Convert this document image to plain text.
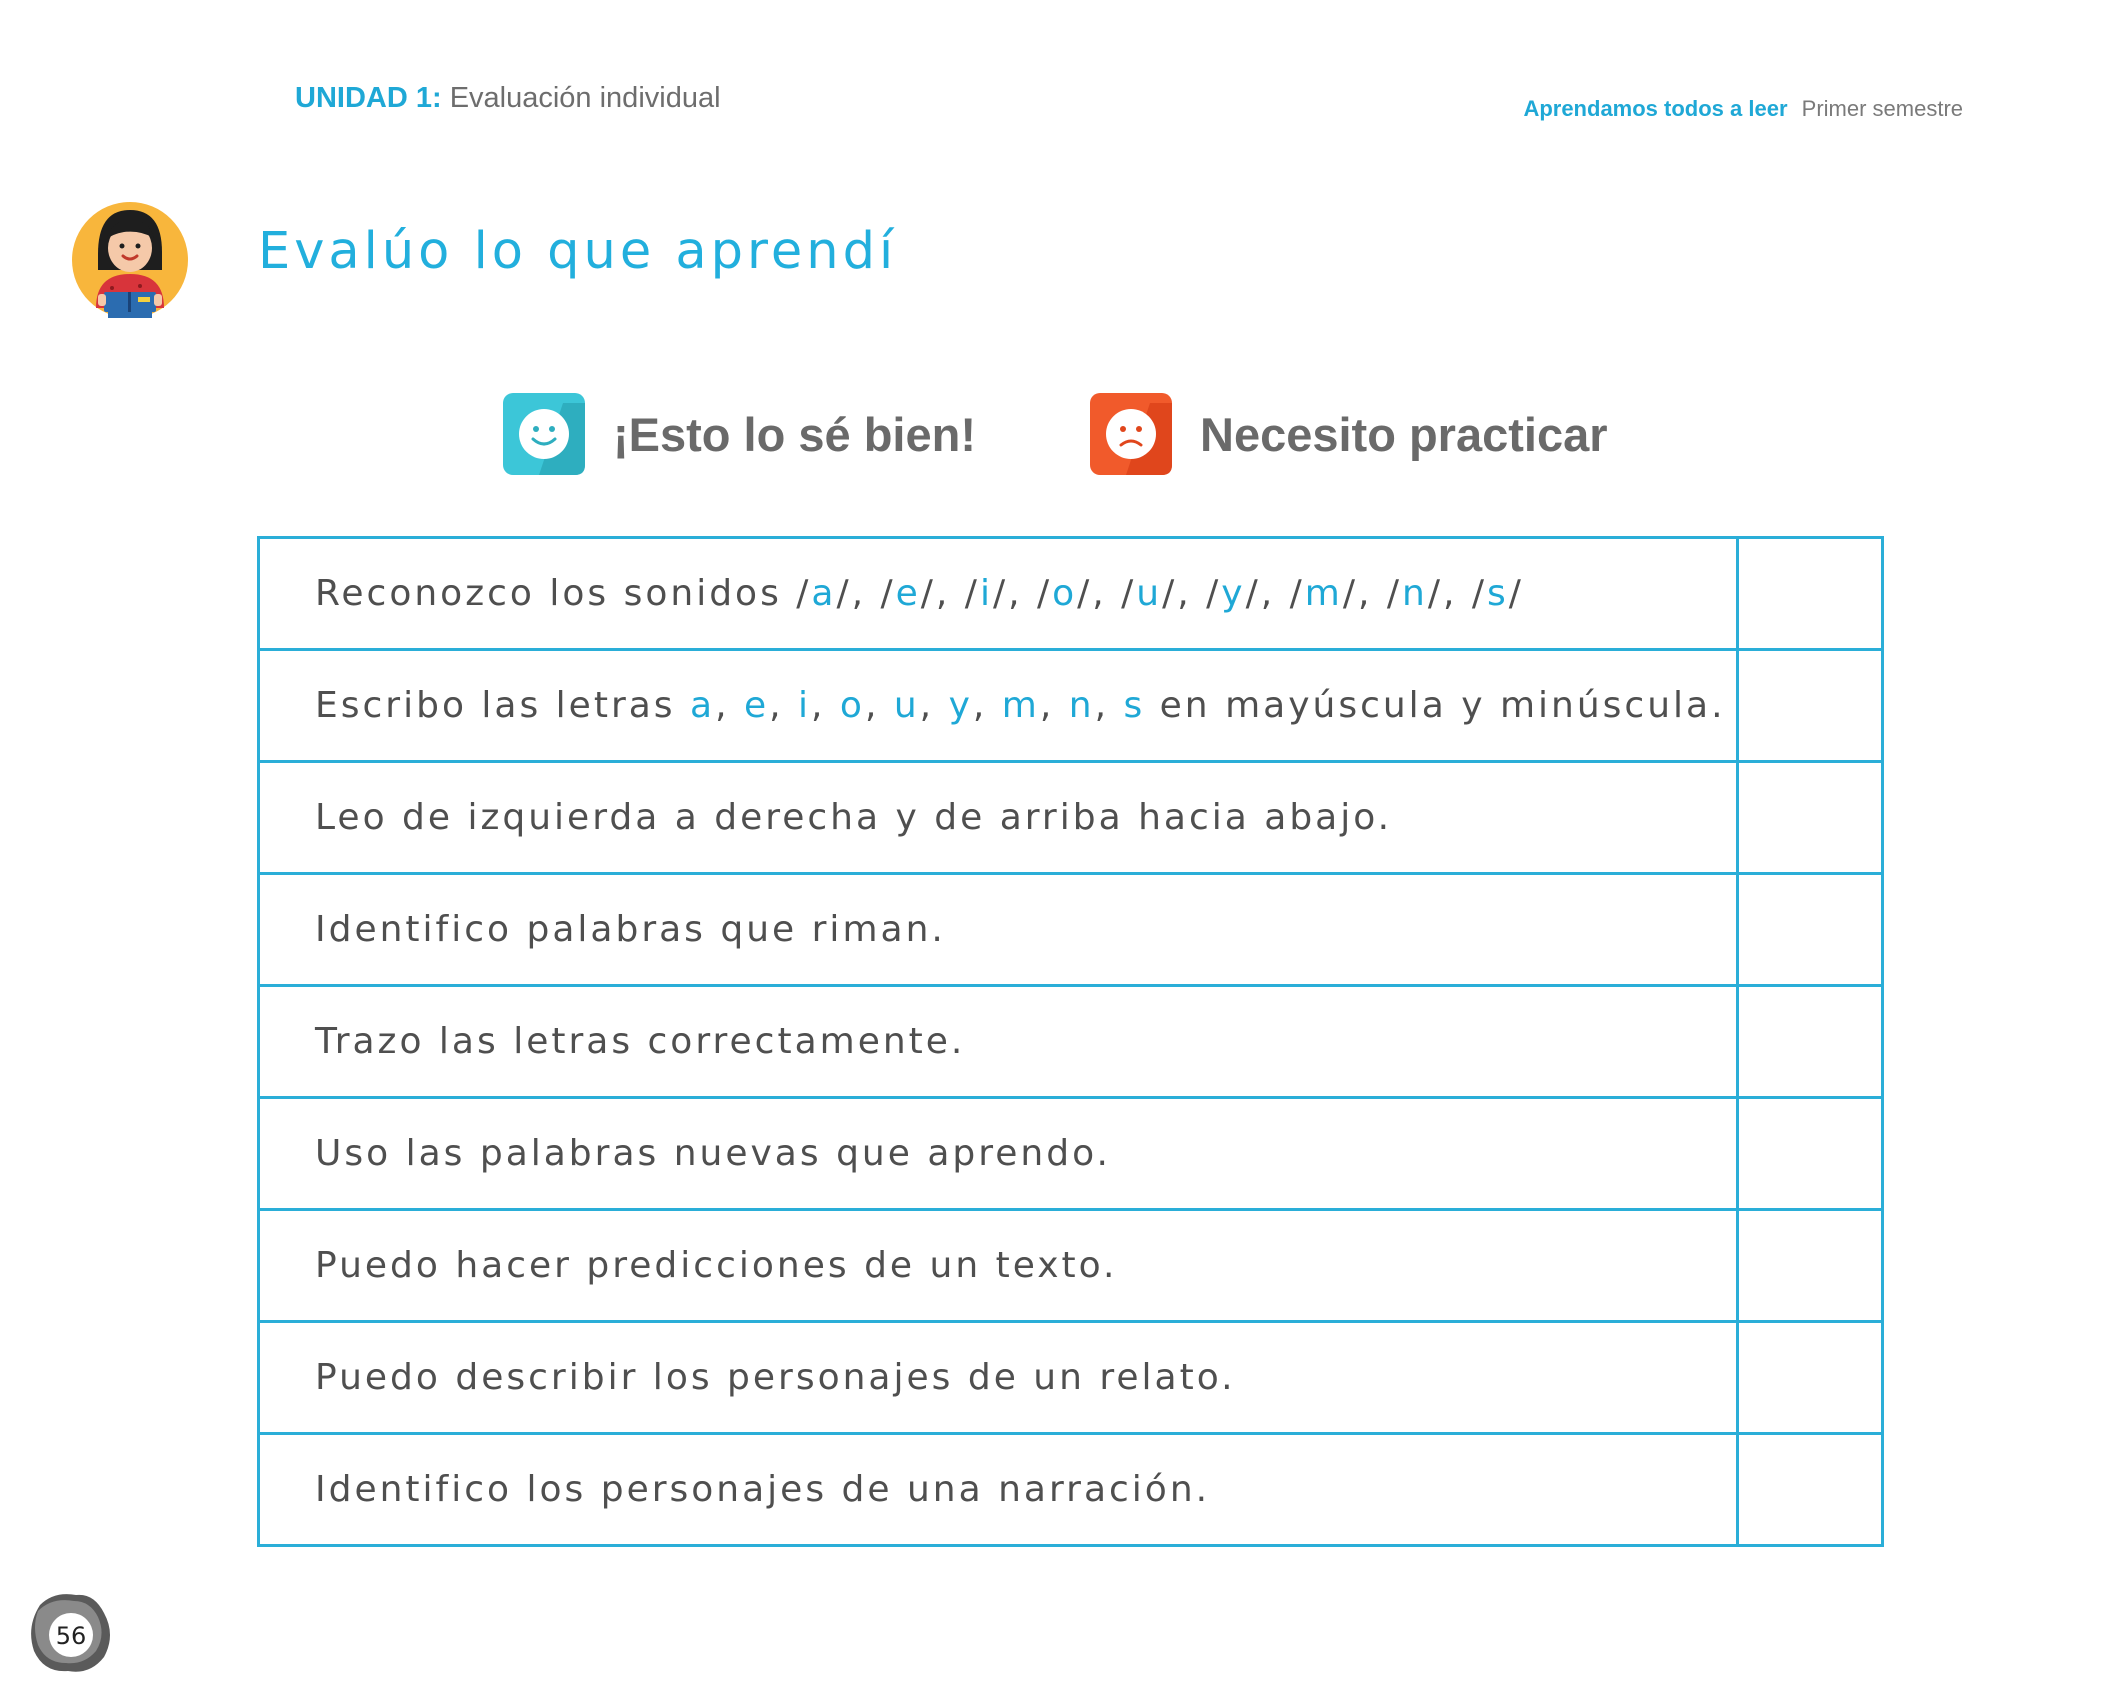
UNIDAD 1: Evaluación individual	Aprendamos todos a leer Primer semestre
Evalúo lo que aprendí
¡Esto lo sé bien!	Necesito practicar
Reconozco los sonidos /a/, /e/, /i/, /o/, /u/, /y/, /m/, /n/, /s/	
Escribo las letras a, e, i, o, u, y, m, n, s en mayúscula y minúscula.	
Leo de izquierda a derecha y de arriba hacia abajo.	
Identifico palabras que riman.	
Trazo las letras correctamente.	
Uso las palabras nuevas que aprendo.	
Puedo hacer predicciones de un texto.	
Puedo describir los personajes de un relato.	
Identifico los personajes de una narración.	
56
